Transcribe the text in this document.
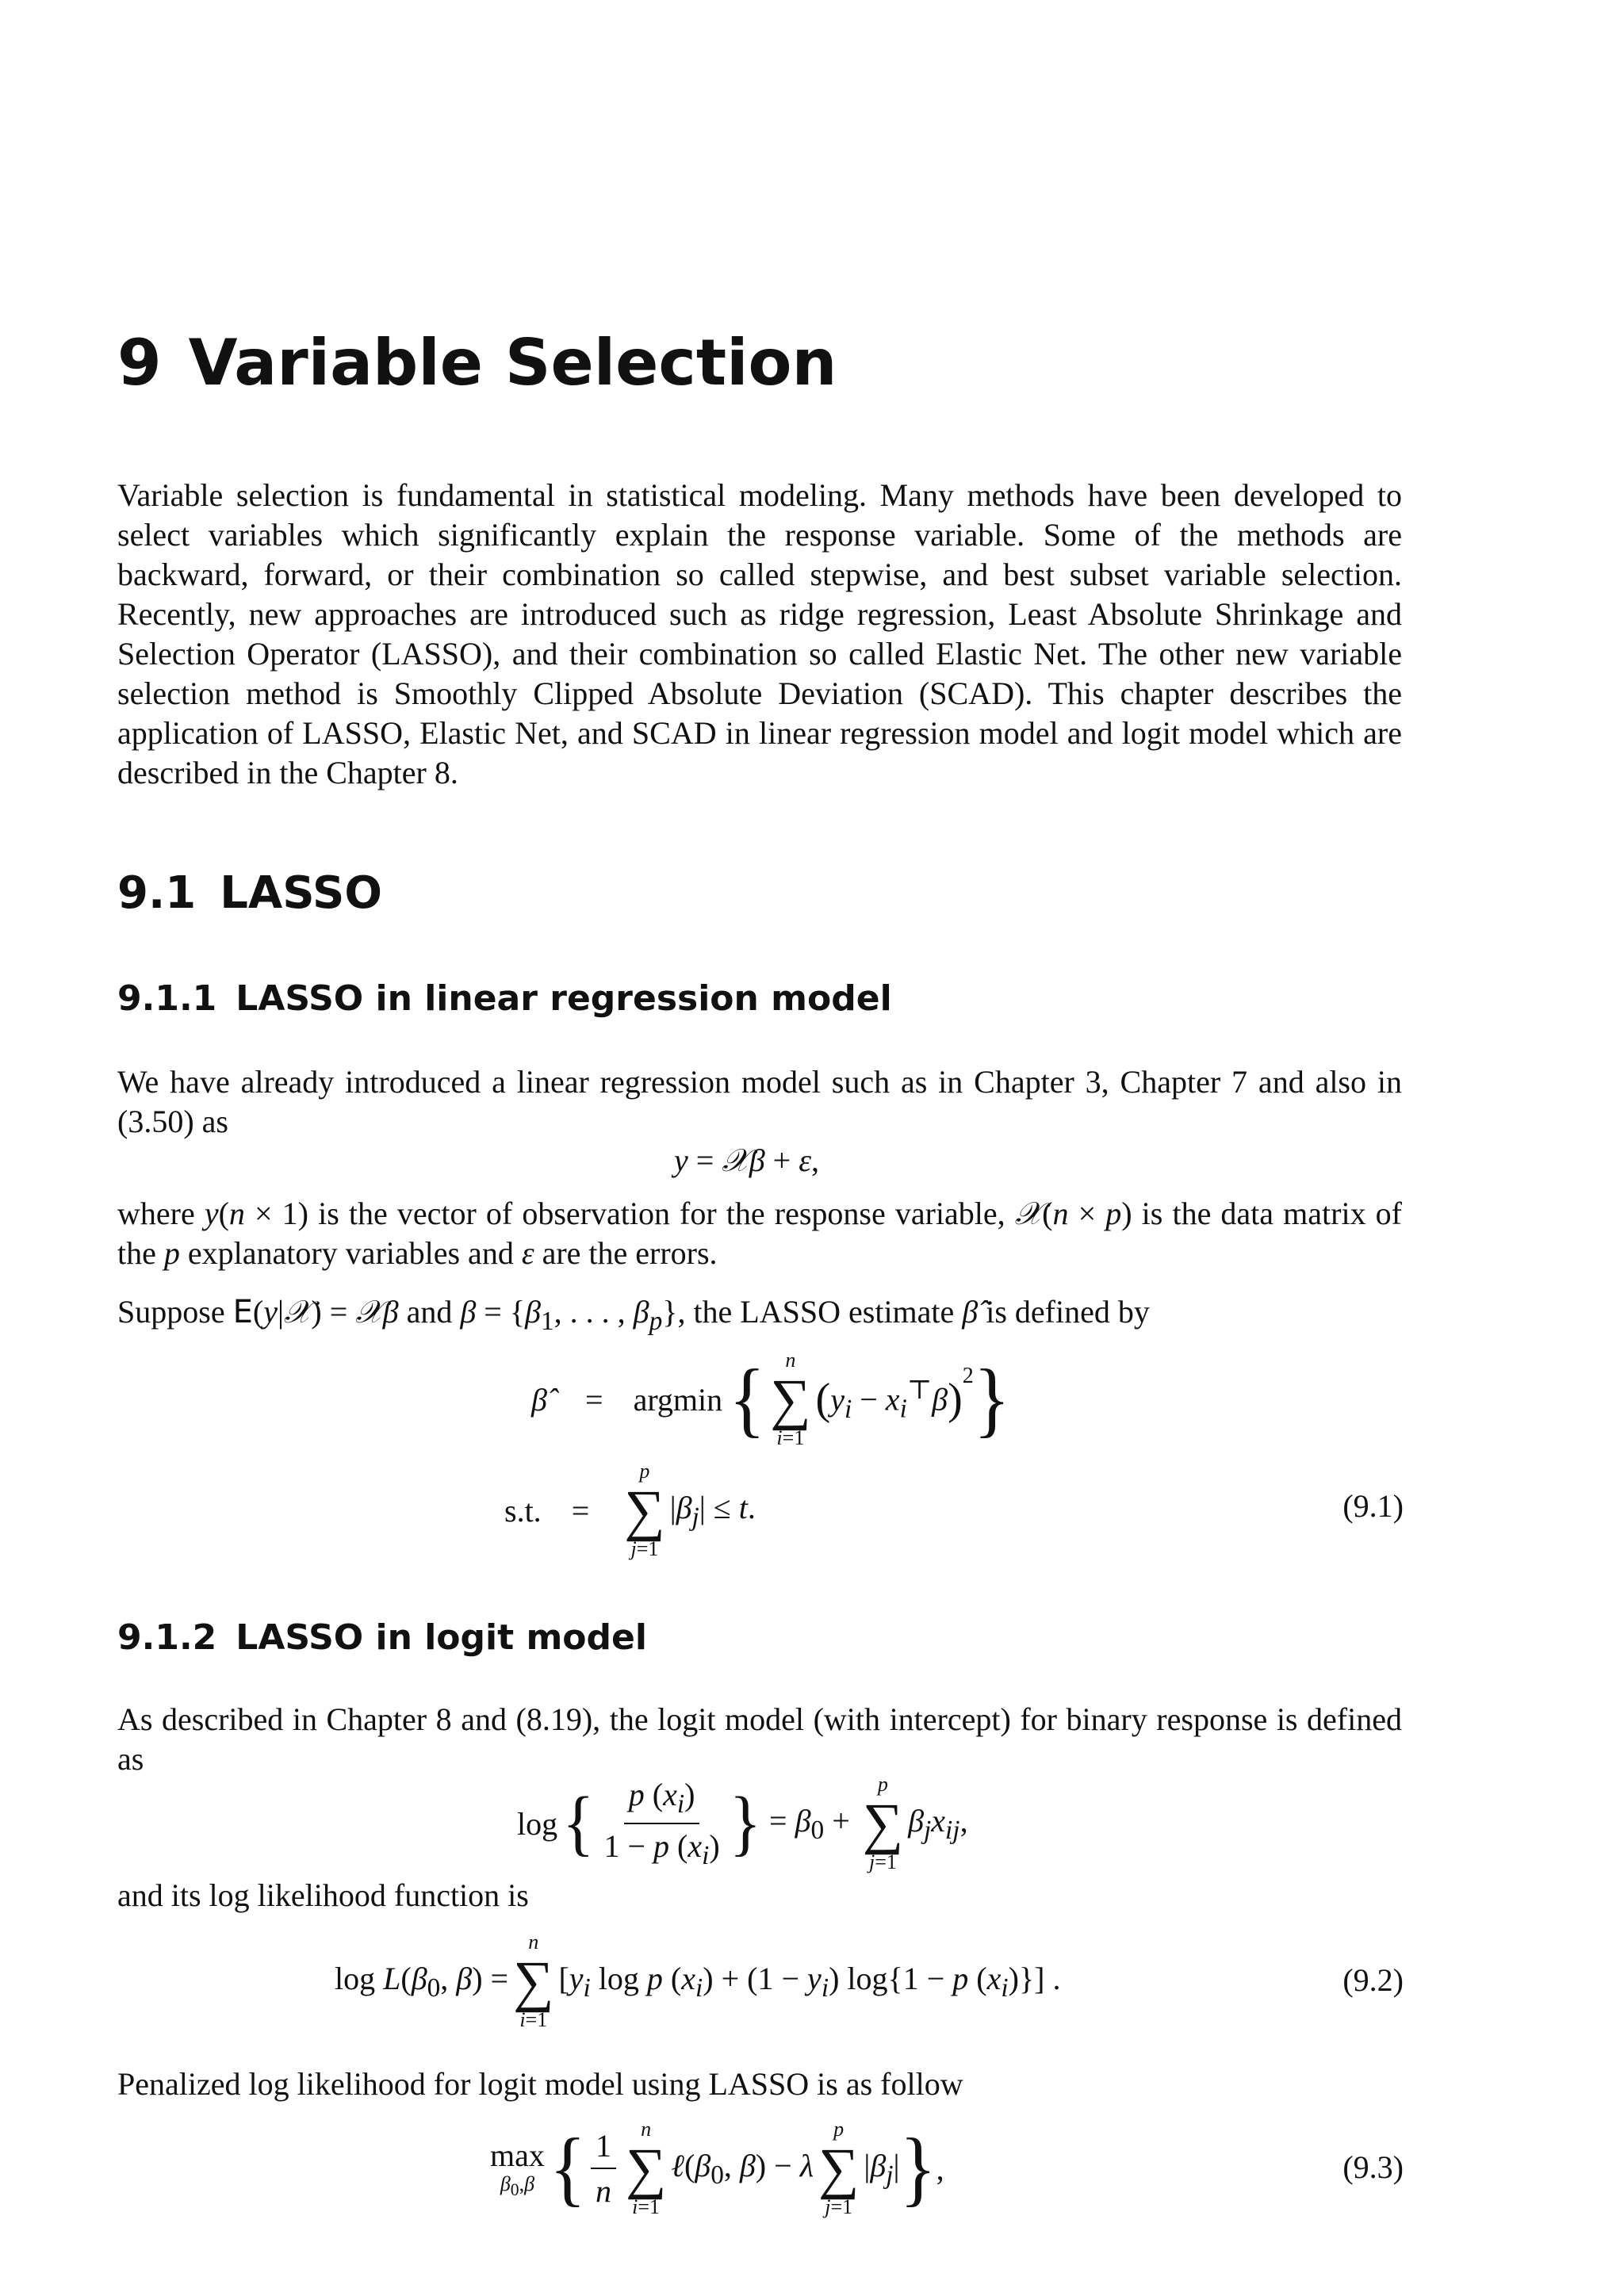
9 Variable Selection

Variable selection is fundamental in statistical modeling. Many methods have been developed to select variables which significantly explain the response variable. Some of the methods are backward, forward, or their combination so called stepwise, and best subset variable selection. Recently, new approaches are introduced such as ridge regression, Least Absolute Shrinkage and Selection Operator (LASSO), and their combination so called Elastic Net. The other new variable selection method is Smoothly Clipped Absolute Deviation (SCAD). This chapter describes the application of LASSO, Elastic Net, and SCAD in linear regression model and logit model which are described in the Chapter 8.

9.1 LASSO
9.1.1 LASSO in linear regression model

We have already introduced a linear regression model such as in Chapter 3, Chapter 7 and also in (3.50) as

y = 𝒳β + ε,

where y(n × 1) is the vector of observation for the response variable, 𝒳(n × p) is the data matrix of the p explanatory variables and ε are the errors.

Suppose E(y|𝒳) = 𝒳β and $\beta = \{\beta_1$, . . . , $\beta_p$}, the LASSO estimate β̂ is defined by

β̂ = argmin { n
∑
i=1
( $y_i - x_i^⊤\beta$ )$^2$ }
s.t. =
p
∑
j=1
$|\beta_j| \le t$.	(9.1)
9.1.2 LASSO in logit model

As described in Chapter 8 and (8.19), the logit model (with intercept) for binary response is defined as

log { $\frac{p (x_i)}{1 - p (x_i)}$ } = $\beta_0$ +
p
∑
j=1
$\beta_jx_{ij}$,

and its log likelihood function is

$\log L(\beta_0$, β) =
n
∑
i=1
[$y_i$ log p $(x_i) + (1 - y_i) \log\{1 - p$ $(x_i)$}] .	(9.2)

Penalized log likelihood for logit model using LASSO is as follow

max
$\beta_0,\beta$ { $\frac{1}{n}$ n
∑
i=1
$\ell(\beta_0$, β) − λ
p
∑
j=1
$|\beta_j|$ } ,	(9.3)
